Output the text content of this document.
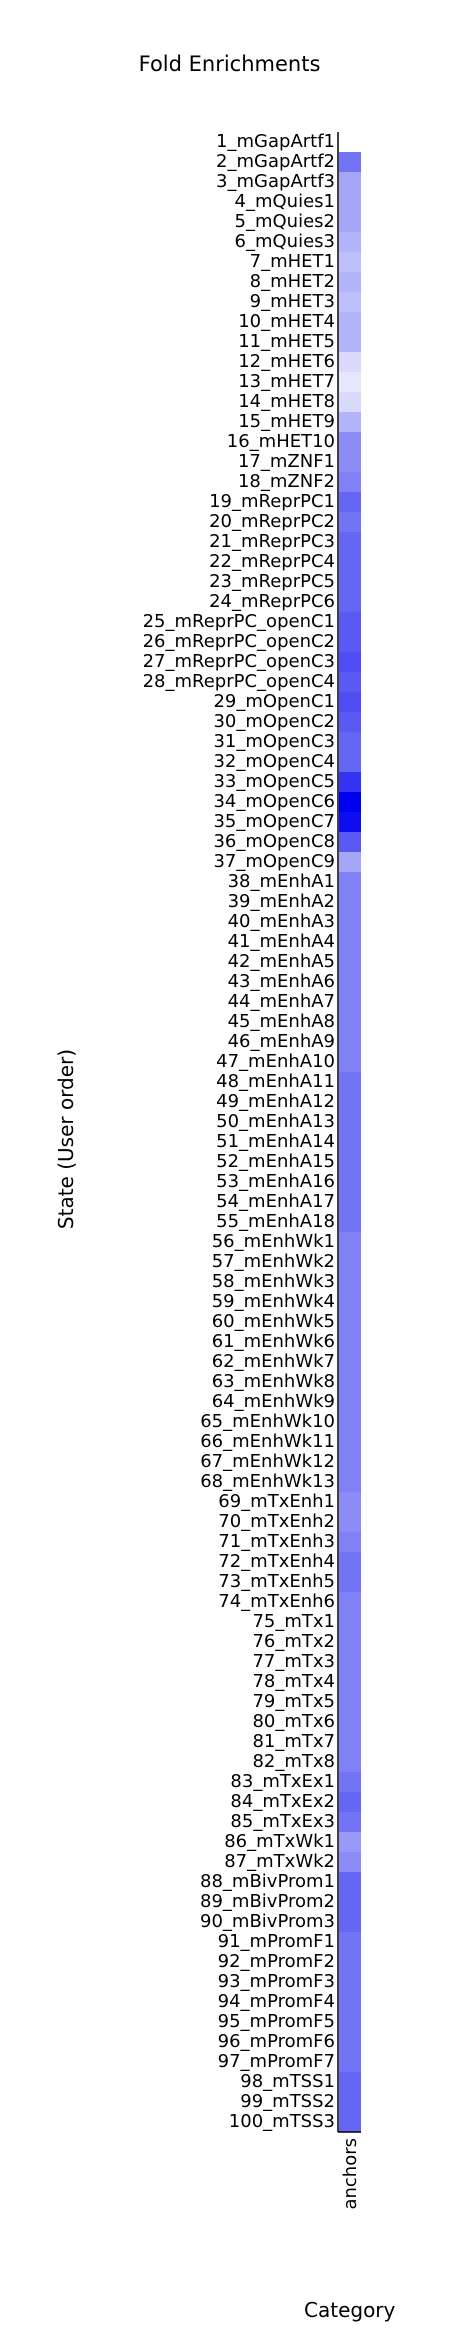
Fold Enrichments
State (User order)
Category
1_mGapArtf1
2_mGapArtf2
3_mGapArtf3
4_mQuies1
5_mQuies2
6_mQuies3
7_mHET1
8_mHET2
9_mHET3
10_mHET4
11_mHET5
12_mHET6
13_mHET7
14_mHET8
15_mHET9
16_mHET10
17_mZNF1
18_mZNF2
19_mReprPC1
20_mReprPC2
21_mReprPC3
22_mReprPC4
23_mReprPC5
24_mReprPC6
25_mReprPC_openC1
26_mReprPC_openC2
27_mReprPC_openC3
28_mReprPC_openC4
29_mOpenC1
30_mOpenC2
31_mOpenC3
32_mOpenC4
33_mOpenC5
34_mOpenC6
35_mOpenC7
36_mOpenC8
37_mOpenC9
38_mEnhA1
39_mEnhA2
40_mEnhA3
41_mEnhA4
42_mEnhA5
43_mEnhA6
44_mEnhA7
45_mEnhA8
46_mEnhA9
47_mEnhA10
48_mEnhA11
49_mEnhA12
50_mEnhA13
51_mEnhA14
52_mEnhA15
53_mEnhA16
54_mEnhA17
55_mEnhA18
56_mEnhWk1
57_mEnhWk2
58_mEnhWk3
59_mEnhWk4
60_mEnhWk5
61_mEnhWk6
62_mEnhWk7
63_mEnhWk8
64_mEnhWk9
65_mEnhWk10
66_mEnhWk11
67_mEnhWk12
68_mEnhWk13
69_mTxEnh1
70_mTxEnh2
71_mTxEnh3
72_mTxEnh4
73_mTxEnh5
74_mTxEnh6
75_mTx1
76_mTx2
77_mTx3
78_mTx4
79_mTx5
80_mTx6
81_mTx7
82_mTx8
83_mTxEx1
84_mTxEx2
85_mTxEx3
86_mTxWk1
87_mTxWk2
88_mBivProm1
89_mBivProm2
90_mBivProm3
91_mPromF1
92_mPromF2
93_mPromF3
94_mPromF4
95_mPromF5
96_mPromF6
97_mPromF7
98_mTSS1
99_mTSS2
100_mTSS3
anchors
